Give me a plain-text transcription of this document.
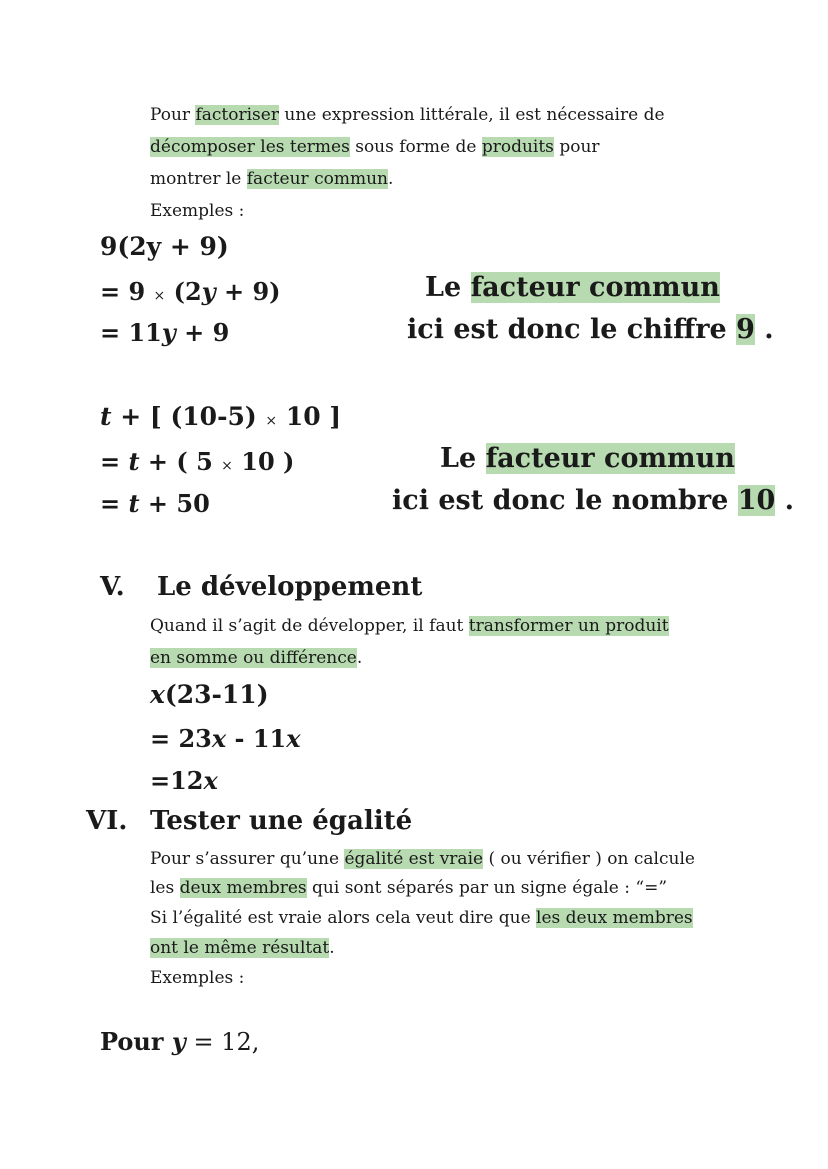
Pour factoriser une expression littérale, il est nécessaire de
décomposer les termes sous forme de produits pour
montrer le facteur commun.
Exemples :
9(2y + 9)
= 9 × (2y + 9)
= 11y + 9
Le facteur commun
ici est donc le chiffre 9 .
t + [ (10-5) × 10 ]
= t + ( 5 × 10 )
= t + 50
Le facteur commun
ici est donc le nombre 10 .
V. Le développement
Quand il s’agit de développer, il faut transformer un produit
en somme ou différence.
x(23-11)
= 23x - 11x
=12x
VI. Tester une égalité
Pour s’assurer qu’une égalité est vraie ( ou vérifier ) on calcule
les deux membres qui sont séparés par un signe égale : “=”
Si l’égalité est vraie alors cela veut dire que les deux membres
ont le même résultat.
Exemples :
Pour y = 12,
